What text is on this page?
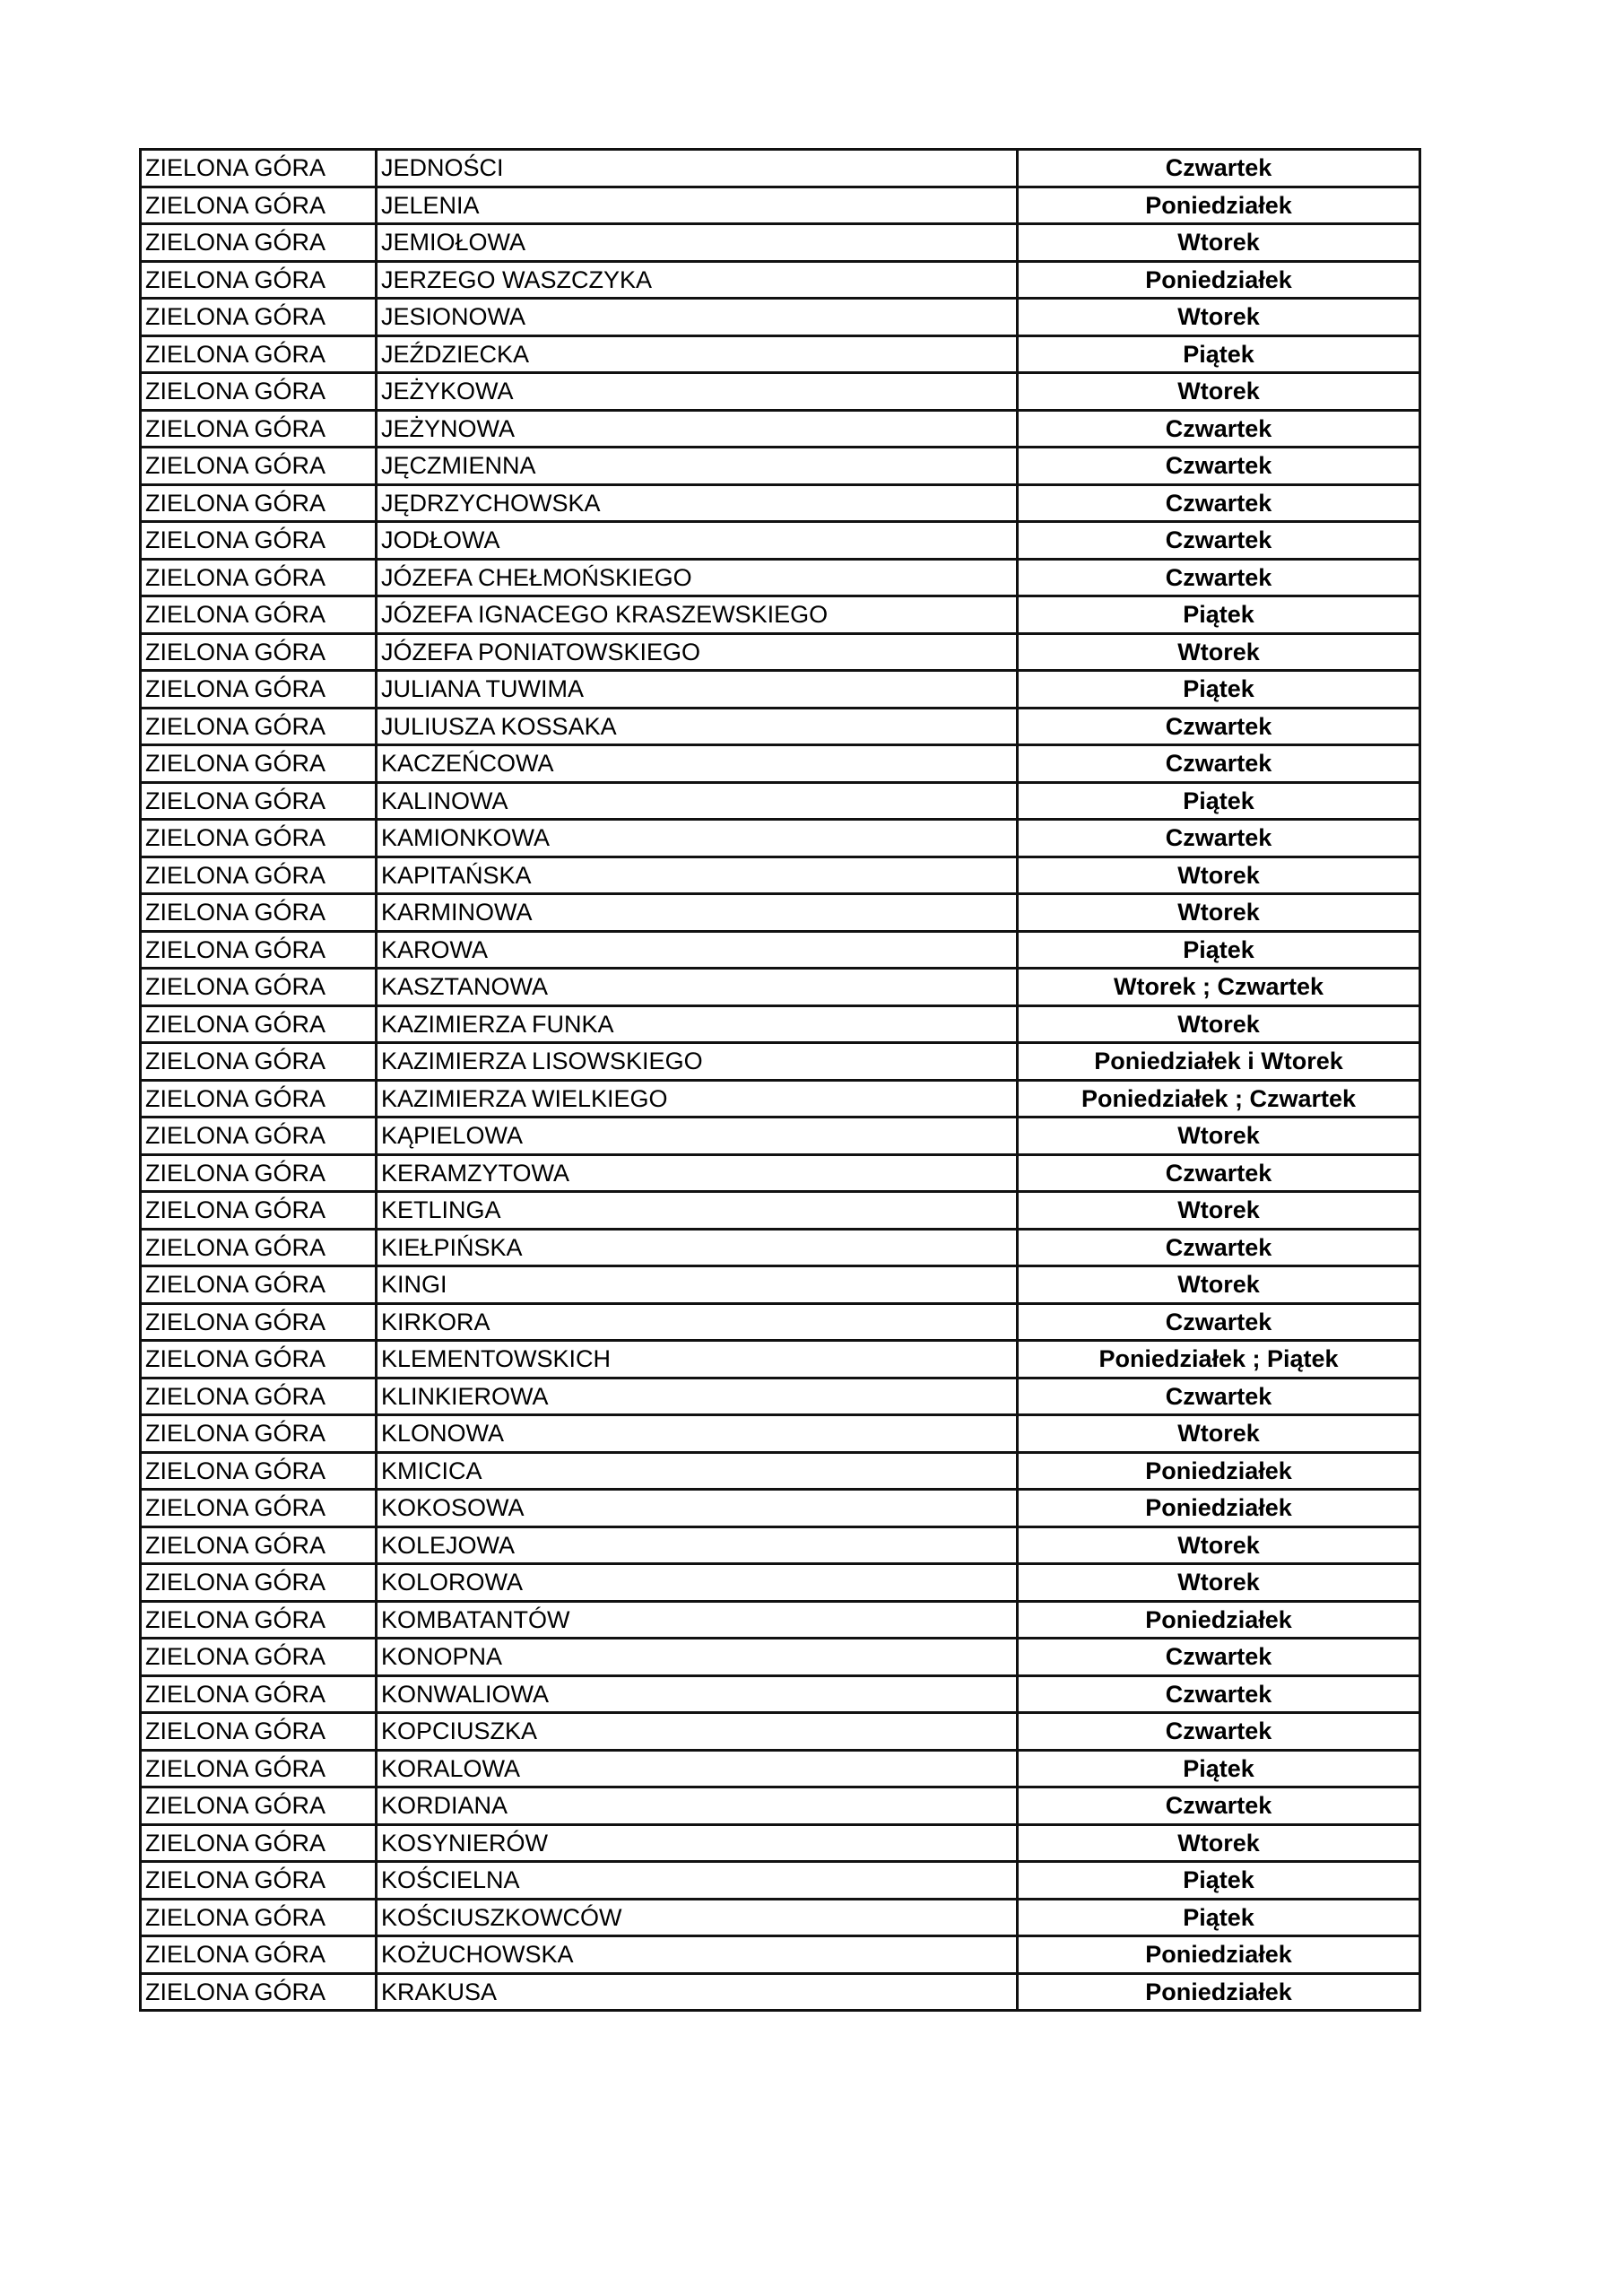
ZIELONA GÓRA	JEDNOŚCI	Czwartek
ZIELONA GÓRA	JELENIA	Poniedziałek
ZIELONA GÓRA	JEMIOŁOWA	Wtorek
ZIELONA GÓRA	JERZEGO WASZCZYKA	Poniedziałek
ZIELONA GÓRA	JESIONOWA	Wtorek
ZIELONA GÓRA	JEŹDZIECKA	Piątek
ZIELONA GÓRA	JEŻYKOWA	Wtorek
ZIELONA GÓRA	JEŻYNOWA	Czwartek
ZIELONA GÓRA	JĘCZMIENNA	Czwartek
ZIELONA GÓRA	JĘDRZYCHOWSKA	Czwartek
ZIELONA GÓRA	JODŁOWA	Czwartek
ZIELONA GÓRA	JÓZEFA CHEŁMOŃSKIEGO	Czwartek
ZIELONA GÓRA	JÓZEFA IGNACEGO KRASZEWSKIEGO	Piątek
ZIELONA GÓRA	JÓZEFA PONIATOWSKIEGO	Wtorek
ZIELONA GÓRA	JULIANA TUWIMA	Piątek
ZIELONA GÓRA	JULIUSZA KOSSAKA	Czwartek
ZIELONA GÓRA	KACZEŃCOWA	Czwartek
ZIELONA GÓRA	KALINOWA	Piątek
ZIELONA GÓRA	KAMIONKOWA	Czwartek
ZIELONA GÓRA	KAPITAŃSKA	Wtorek
ZIELONA GÓRA	KARMINOWA	Wtorek
ZIELONA GÓRA	KAROWA	Piątek
ZIELONA GÓRA	KASZTANOWA	Wtorek ; Czwartek
ZIELONA GÓRA	KAZIMIERZA FUNKA	Wtorek
ZIELONA GÓRA	KAZIMIERZA LISOWSKIEGO	Poniedziałek i Wtorek
ZIELONA GÓRA	KAZIMIERZA WIELKIEGO	Poniedziałek ; Czwartek
ZIELONA GÓRA	KĄPIELOWA	Wtorek
ZIELONA GÓRA	KERAMZYTOWA	Czwartek
ZIELONA GÓRA	KETLINGA	Wtorek
ZIELONA GÓRA	KIEŁPIŃSKA	Czwartek
ZIELONA GÓRA	KINGI	Wtorek
ZIELONA GÓRA	KIRKORA	Czwartek
ZIELONA GÓRA	KLEMENTOWSKICH	Poniedziałek ; Piątek
ZIELONA GÓRA	KLINKIEROWA	Czwartek
ZIELONA GÓRA	KLONOWA	Wtorek
ZIELONA GÓRA	KMICICA	Poniedziałek
ZIELONA GÓRA	KOKOSOWA	Poniedziałek
ZIELONA GÓRA	KOLEJOWA	Wtorek
ZIELONA GÓRA	KOLOROWA	Wtorek
ZIELONA GÓRA	KOMBATANTÓW	Poniedziałek
ZIELONA GÓRA	KONOPNA	Czwartek
ZIELONA GÓRA	KONWALIOWA	Czwartek
ZIELONA GÓRA	KOPCIUSZKA	Czwartek
ZIELONA GÓRA	KORALOWA	Piątek
ZIELONA GÓRA	KORDIANA	Czwartek
ZIELONA GÓRA	KOSYNIERÓW	Wtorek
ZIELONA GÓRA	KOŚCIELNA	Piątek
ZIELONA GÓRA	KOŚCIUSZKOWCÓW	Piątek
ZIELONA GÓRA	KOŻUCHOWSKA	Poniedziałek
ZIELONA GÓRA	KRAKUSA	Poniedziałek
